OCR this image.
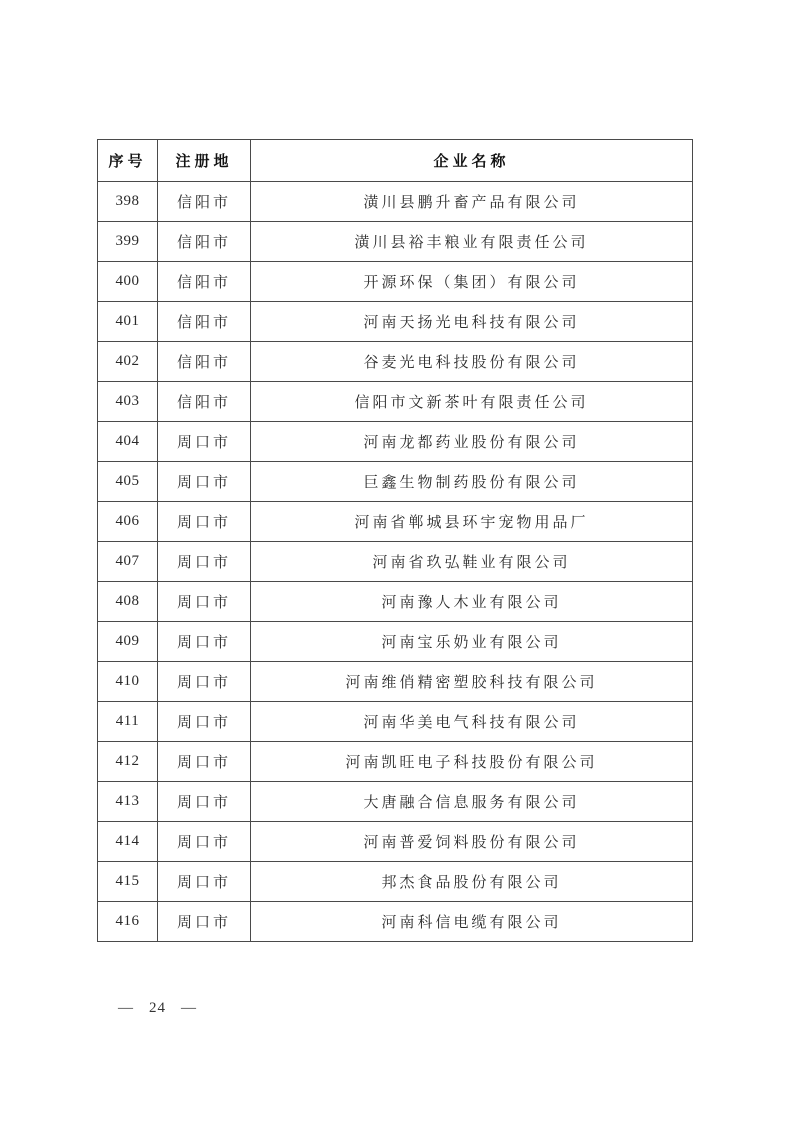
序号	注册地	企业名称
398	信阳市	潢川县鹏升畜产品有限公司
399	信阳市	潢川县裕丰粮业有限责任公司
400	信阳市	开源环保（集团）有限公司
401	信阳市	河南天扬光电科技有限公司
402	信阳市	谷麦光电科技股份有限公司
403	信阳市	信阳市文新茶叶有限责任公司
404	周口市	河南龙都药业股份有限公司
405	周口市	巨鑫生物制药股份有限公司
406	周口市	河南省郸城县环宇宠物用品厂
407	周口市	河南省玖弘鞋业有限公司
408	周口市	河南豫人木业有限公司
409	周口市	河南宝乐奶业有限公司
410	周口市	河南维俏精密塑胶科技有限公司
411	周口市	河南华美电气科技有限公司
412	周口市	河南凯旺电子科技股份有限公司
413	周口市	大唐融合信息服务有限公司
414	周口市	河南普爱饲料股份有限公司
415	周口市	邦杰食品股份有限公司
416	周口市	河南科信电缆有限公司
— 24 —
